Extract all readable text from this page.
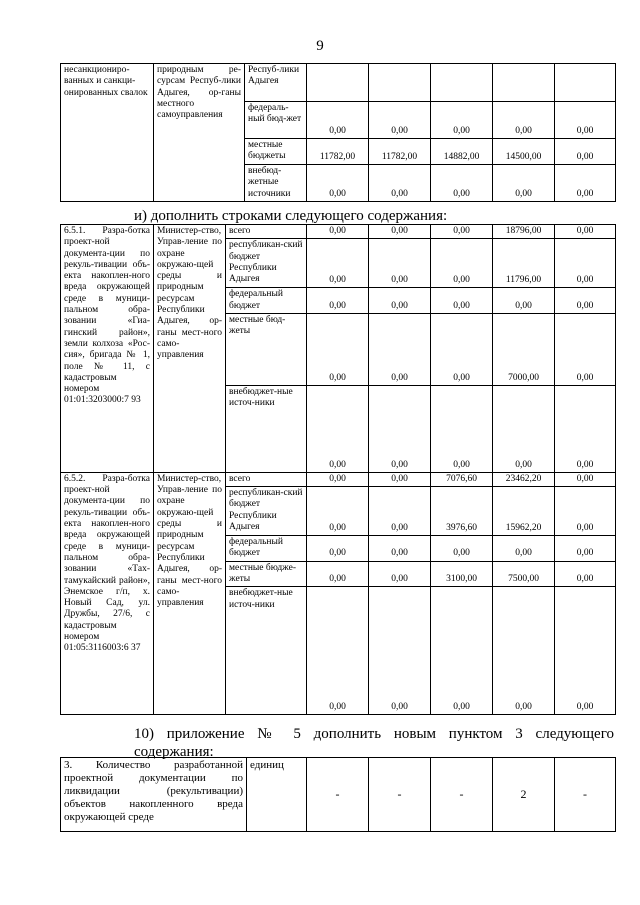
9
несанкциониро-ванных и санкци-онированных свалок	природным ре-сурсам Респуб-лики Адыгея, ор-ганы местного самоуправления	Респуб-лики Адыгея					
		федераль-ный бюд-жет	0,00	0,00	0,00	0,00	0,00
		местные бюджеты	11782,00	11782,00	14882,00	14500,00	0,00
		внебюд-жетные источники	0,00	0,00	0,00	0,00	0,00
и) дополнить строками следующего содержания:
6.5.1. Разра-ботка проект-ной документа-ции по рекуль-тивации объ-екта накоплен-ного вреда окружающей среде в муници-пальном обра-зовании «Гиа-гинский район», земли колхоза «Рос-сия», бригада № 1, поле № 11, с кадастровым номером 01:01:3203000:7 93	Министер-ство, Управ-ление по охране окружаю-щей среды и природным ресурсам Республики Адыгея, ор-ганы мест-ного само-управления	всего	0,00	0,00	0,00	18796,00	0,00
		республикан-ский бюджет Республики Адыгея	0,00	0,00	0,00	11796,00	0,00
		федеральный бюджет	0,00	0,00	0,00	0,00	0,00
		местные бюд-жеты	0,00	0,00	0,00	7000,00	0,00
		внебюджет-ные источ-ники	0,00	0,00	0,00	0,00	0,00
6.5.2. Разра-ботка проект-ной документа-ции по рекуль-тивации объ-екта накоплен-ного вреда окружающей среде в муници-пальном обра-зовании «Тах-тамукайский район», Энемское г/п, х. Новый Сад, ул. Дружбы, 27/6, с кадастровым номером 01:05:3116003:6 37	Министер-ство, Управ-ление по охране окружаю-щей среды и природным ресурсам Республики Адыгея, ор-ганы мест-ного само-управления	всего	0,00	0,00	7076,60	23462,20	0,00
		республикан-ский бюджет Республики Адыгея	0,00	0,00	3976,60	15962,20	0,00
		федеральный бюджет	0,00	0,00	0,00	0,00	0,00
		местные бюдже-жеты	0,00	0,00	3100,00	7500,00	0,00
		внебюджет-ные источ-ники	0,00	0,00	0,00	0,00	0,00
10) приложение № 5 дополнить новым пунктом 3 следующего
содержания:
3. Количество разработанной проектной документации по ликвидации (рекультивации) объектов накопленного вреда окружающей среде	единиц	-	-	-	2	-
